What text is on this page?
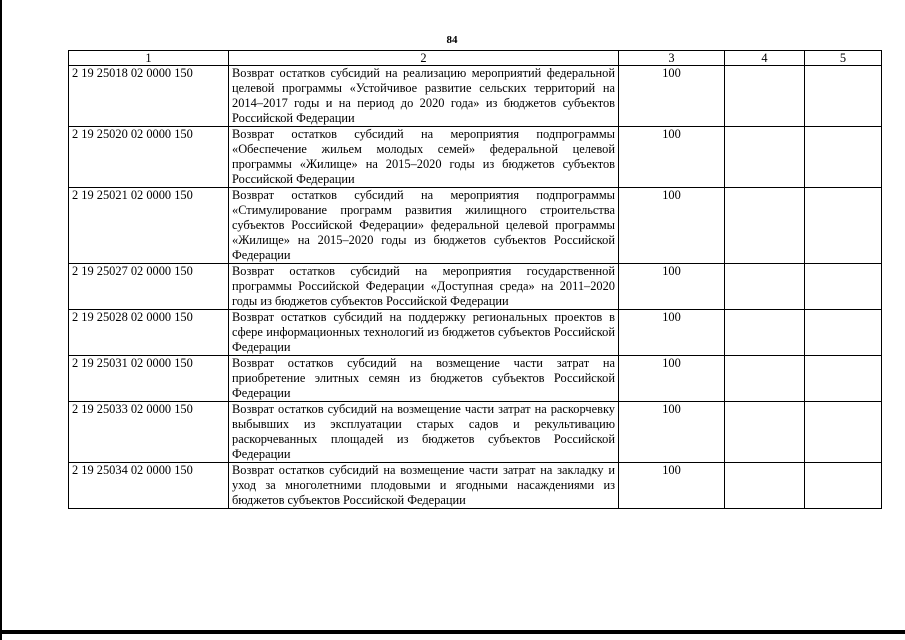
84
1	2	3	4	5
2 19 25018 02 0000 150	Возврат остатков субсидий на реализацию мероприятий федеральной целевой программы «Устойчивое развитие сельских территорий на 2014–2017 годы и на период до 2020 года» из бюджетов субъектов Российской Федерации	100		
2 19 25020 02 0000 150	Возврат остатков субсидий на мероприятия подпрограммы «Обеспечение жильем молодых семей» федеральной целевой программы «Жилище» на 2015–2020 годы из бюджетов субъектов Российской Федерации	100		
2 19 25021 02 0000 150	Возврат остатков субсидий на мероприятия подпрограммы «Стимулирование программ развития жилищного строительства субъектов Российской Федерации» федеральной целевой программы «Жилище» на 2015–2020 годы из бюджетов субъектов Российской Федерации	100		
2 19 25027 02 0000 150	Возврат остатков субсидий на мероприятия государственной программы Российской Федерации «Доступная среда» на 2011–2020 годы из бюджетов субъектов Российской Федерации	100		
2 19 25028 02 0000 150	Возврат остатков субсидий на поддержку региональных проектов в сфере информационных технологий из бюджетов субъектов Российской Федерации	100		
2 19 25031 02 0000 150	Возврат остатков субсидий на возмещение части затрат на приобретение элитных семян из бюджетов субъектов Российской Федерации	100		
2 19 25033 02 0000 150	Возврат остатков субсидий на возмещение части затрат на раскорчевку выбывших из эксплуатации старых садов и рекультивацию раскорчеванных площадей из бюджетов субъектов Российской Федерации	100		
2 19 25034 02 0000 150	Возврат остатков субсидий на возмещение части затрат на закладку и уход за многолетними плодовыми и ягодными насаждениями из бюджетов субъектов Российской Федерации	100		
